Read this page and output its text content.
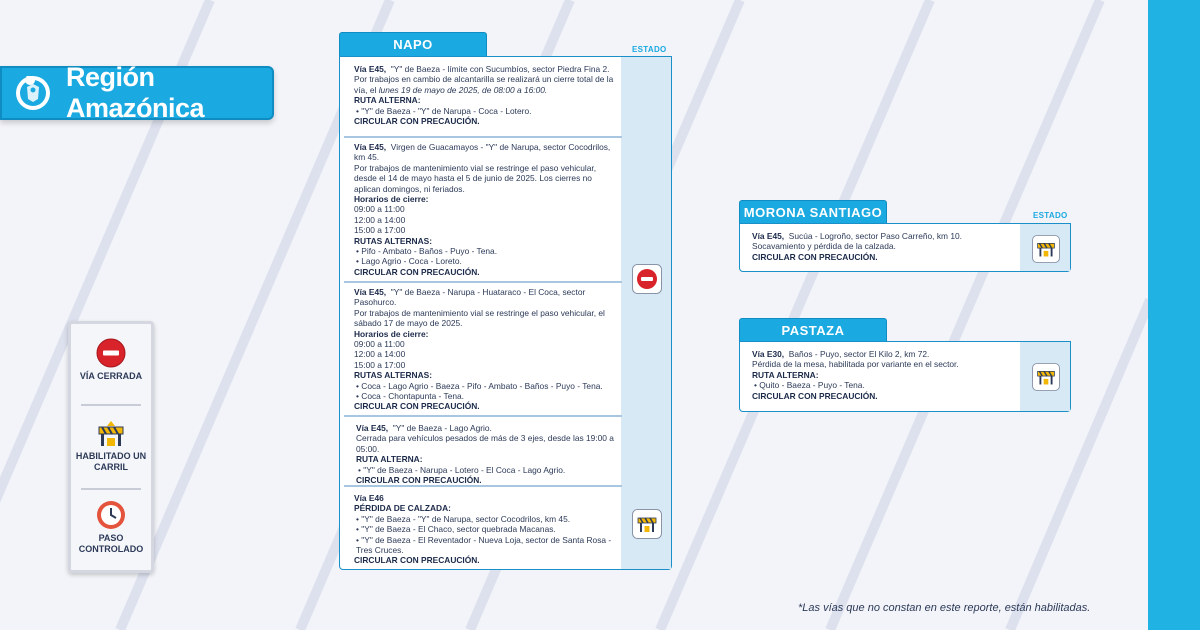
Región Amazónica
VÍA CERRADA
HABILITADO UN CARRIL
PASO CONTROLADO
NAPO	ESTADO
Vía E45, "Y" de Baeza - límite con Sucumbíos, sector Piedra Fina 2.
Por trabajos en cambio de alcantarilla se realizará un cierre total de la vía, el lunes 19 de mayo de 2025, de 08:00 a 16:00.
RUTA ALTERNA:
• "Y" de Baeza - "Y" de Narupa - Coca - Lotero.
CIRCULAR CON PRECAUCIÓN.
Vía E45, Virgen de Guacamayos - "Y" de Narupa, sector Cocodrilos, km 45.
Por trabajos de mantenimiento vial se restringe el paso vehicular, desde el 14 de mayo hasta el 5 de junio de 2025. Los cierres no aplican domingos, ni feriados.
Horarios de cierre:
09:00 a 11:00
12:00 a 14:00
15:00 a 17:00
RUTAS ALTERNAS:
• Pifo - Ambato - Baños - Puyo - Tena.
• Lago Agrio - Coca - Loreto.
CIRCULAR CON PRECAUCIÓN.
Vía E45, "Y" de Baeza - Narupa - Huataraco - El Coca, sector Pasohurco.
Por trabajos de mantenimiento vial se restringe el paso vehicular, el sábado 17 de mayo de 2025.
Horarios de cierre:
09:00 a 11:00
12:00 a 14:00
15:00 a 17:00
RUTAS ALTERNAS:
• Coca - Lago Agrio - Baeza - Pifo - Ambato - Baños - Puyo - Tena.
• Coca - Chontapunta - Tena.
CIRCULAR CON PRECAUCIÓN.
Vía E45, "Y" de Baeza - Lago Agrio.
Cerrada para vehículos pesados de más de 3 ejes, desde las 19:00 a 05:00.
RUTA ALTERNA:
• "Y" de Baeza - Narupa - Lotero - El Coca - Lago Agrio.
CIRCULAR CON PRECAUCIÓN.
Vía E46
PÉRDIDA DE CALZADA:
• "Y" de Baeza - "Y" de Narupa, sector Cocodrilos, km 45.
• "Y" de Baeza - El Chaco, sector quebrada Macanas.
• "Y" de Baeza - El Reventador - Nueva Loja, sector de Santa Rosa - Tres Cruces.
CIRCULAR CON PRECAUCIÓN.
MORONA SANTIAGO	ESTADO
Vía E45, Sucúa - Logroño, sector Paso Carreño, km 10.
Socavamiento y pérdida de la calzada.
CIRCULAR CON PRECAUCIÓN.
PASTAZA
Vía E30, Baños - Puyo, sector El Kilo 2, km 72.
Pérdida de la mesa, habilitada por variante en el sector.
RUTA ALTERNA:
• Quito - Baeza - Puyo - Tena.
CIRCULAR CON PRECAUCIÓN.
*Las vías que no constan en este reporte, están habilitadas.
